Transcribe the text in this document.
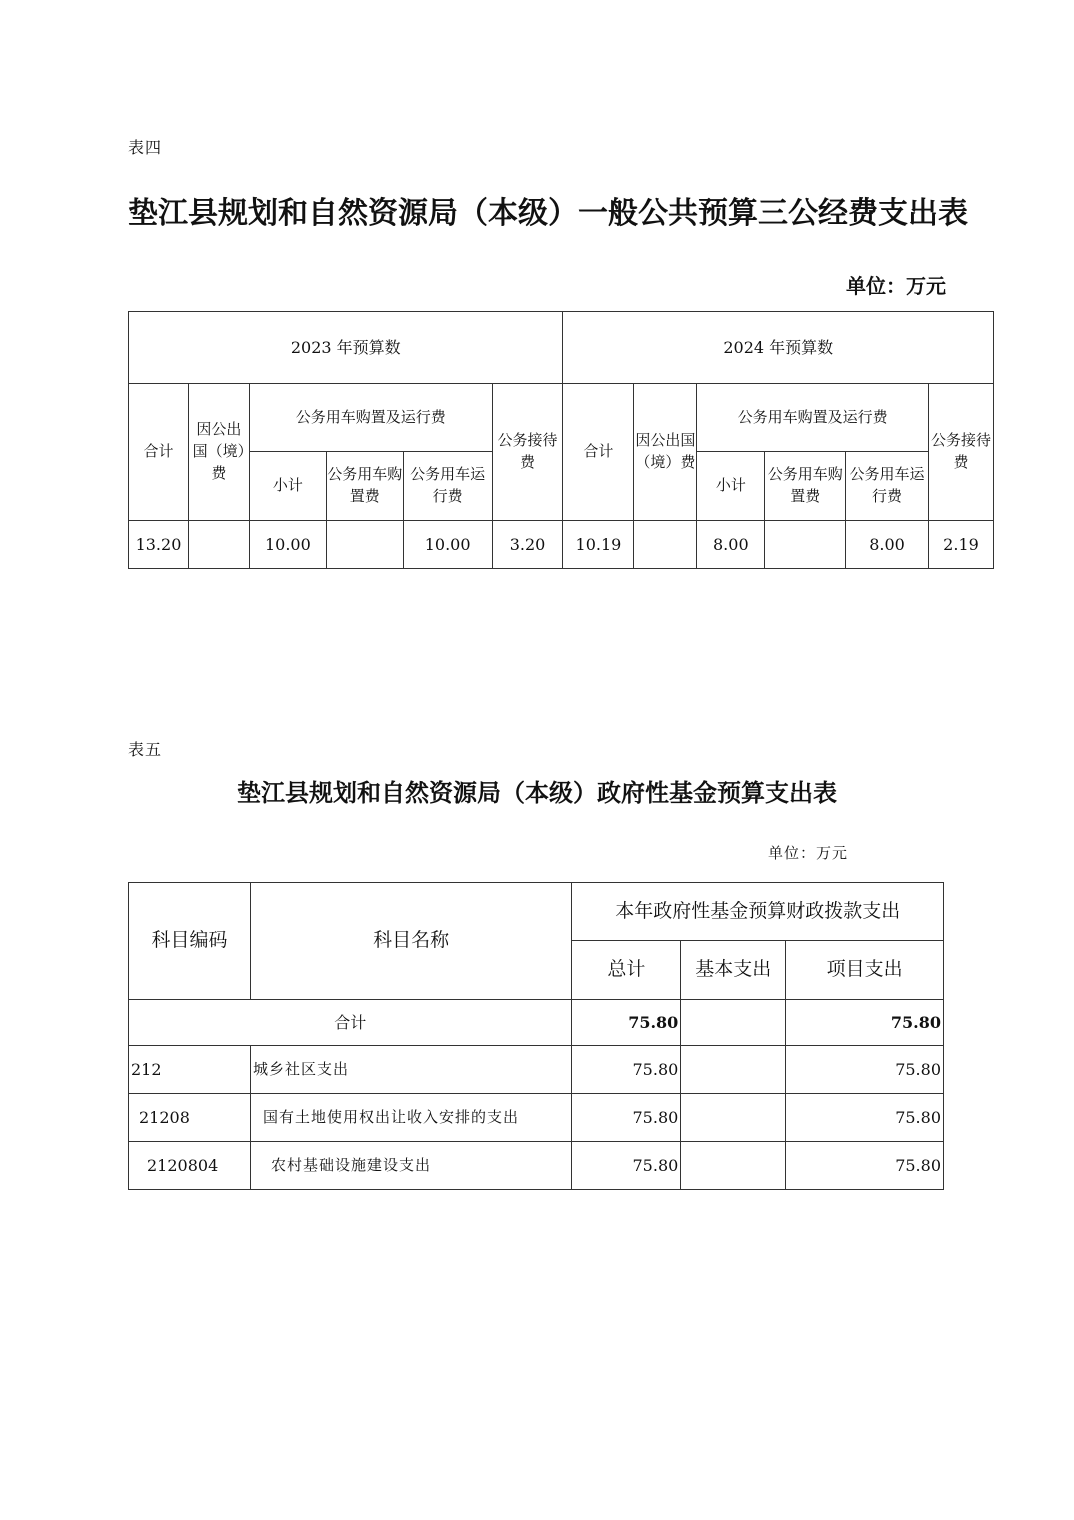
表四
垫江县规划和自然资源局（本级）一般公共预算三公经费支出表
单位：万元
2023 年预算数						2024 年预算数					
合计	因公出国（境）费	公务用车购置及运行费			公务接待费	合计	因公出国（境）费	公务用车购置及运行费			公务接待费
		小计	公务用车购置费	公务用车运行费				小计	公务用车购置费	公务用车运行费	
13.20		10.00		10.00	3.20	10.19		8.00		8.00	2.19
表五
垫江县规划和自然资源局（本级）政府性基金预算支出表
单位：万元
科目编码	科目名称	本年政府性基金预算财政拨款支出		
		总计	基本支出	项目支出
合计		75.80		75.80
212	城乡社区支出	75.80		75.80
21208	国有土地使用权出让收入安排的支出	75.80		75.80
2120804	农村基础设施建设支出	75.80		75.80
